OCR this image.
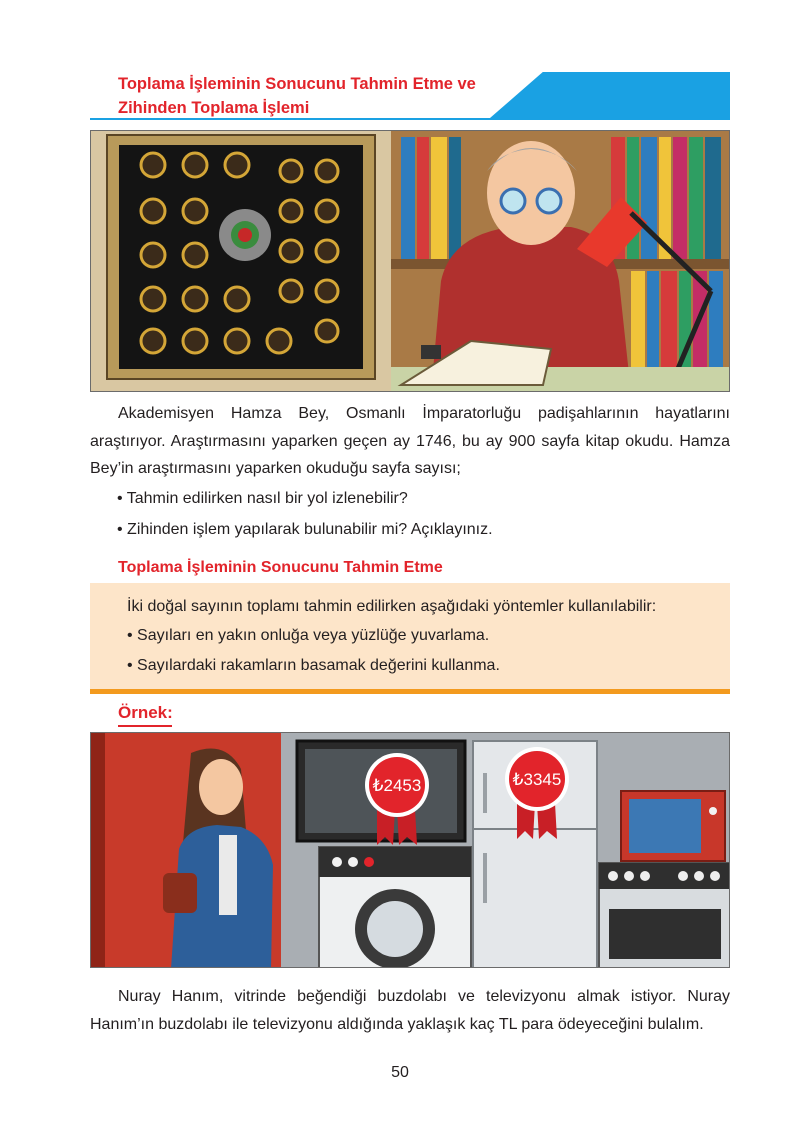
Toplama İşleminin Sonucunu Tahmin Etme ve
Zihinden Toplama İşlemi
Akademisyen Hamza Bey, Osmanlı İmparatorluğu padişahlarının hayatlarını araştırıyor. Araştırmasını yaparken geçen ay 1746, bu ay 900 sayfa kitap okudu. Hamza Bey’in araştırmasını yaparken okuduğu sayfa sayısı;
• Tahmin edilirken nasıl bir yol izlenebilir?
• Zihinden işlem yapılarak bulunabilir mi? Açıklayınız.
Toplama İşleminin Sonucunu Tahmin Etme
İki doğal sayının toplamı tahmin edilirken aşağıdaki yöntemler kullanılabilir:
• Sayıları en yakın onluğa veya yüzlüğe yuvarlama.
• Sayılardaki rakamların basamak değerini kullanma.
Örnek:
₺2453	₺3345
Nuray Hanım, vitrinde beğendiği buzdolabı ve televizyonu almak istiyor. Nuray Hanım’ın buzdolabı ile televizyonu aldığında yaklaşık kaç TL para ödeyeceğini bulalım.
50
